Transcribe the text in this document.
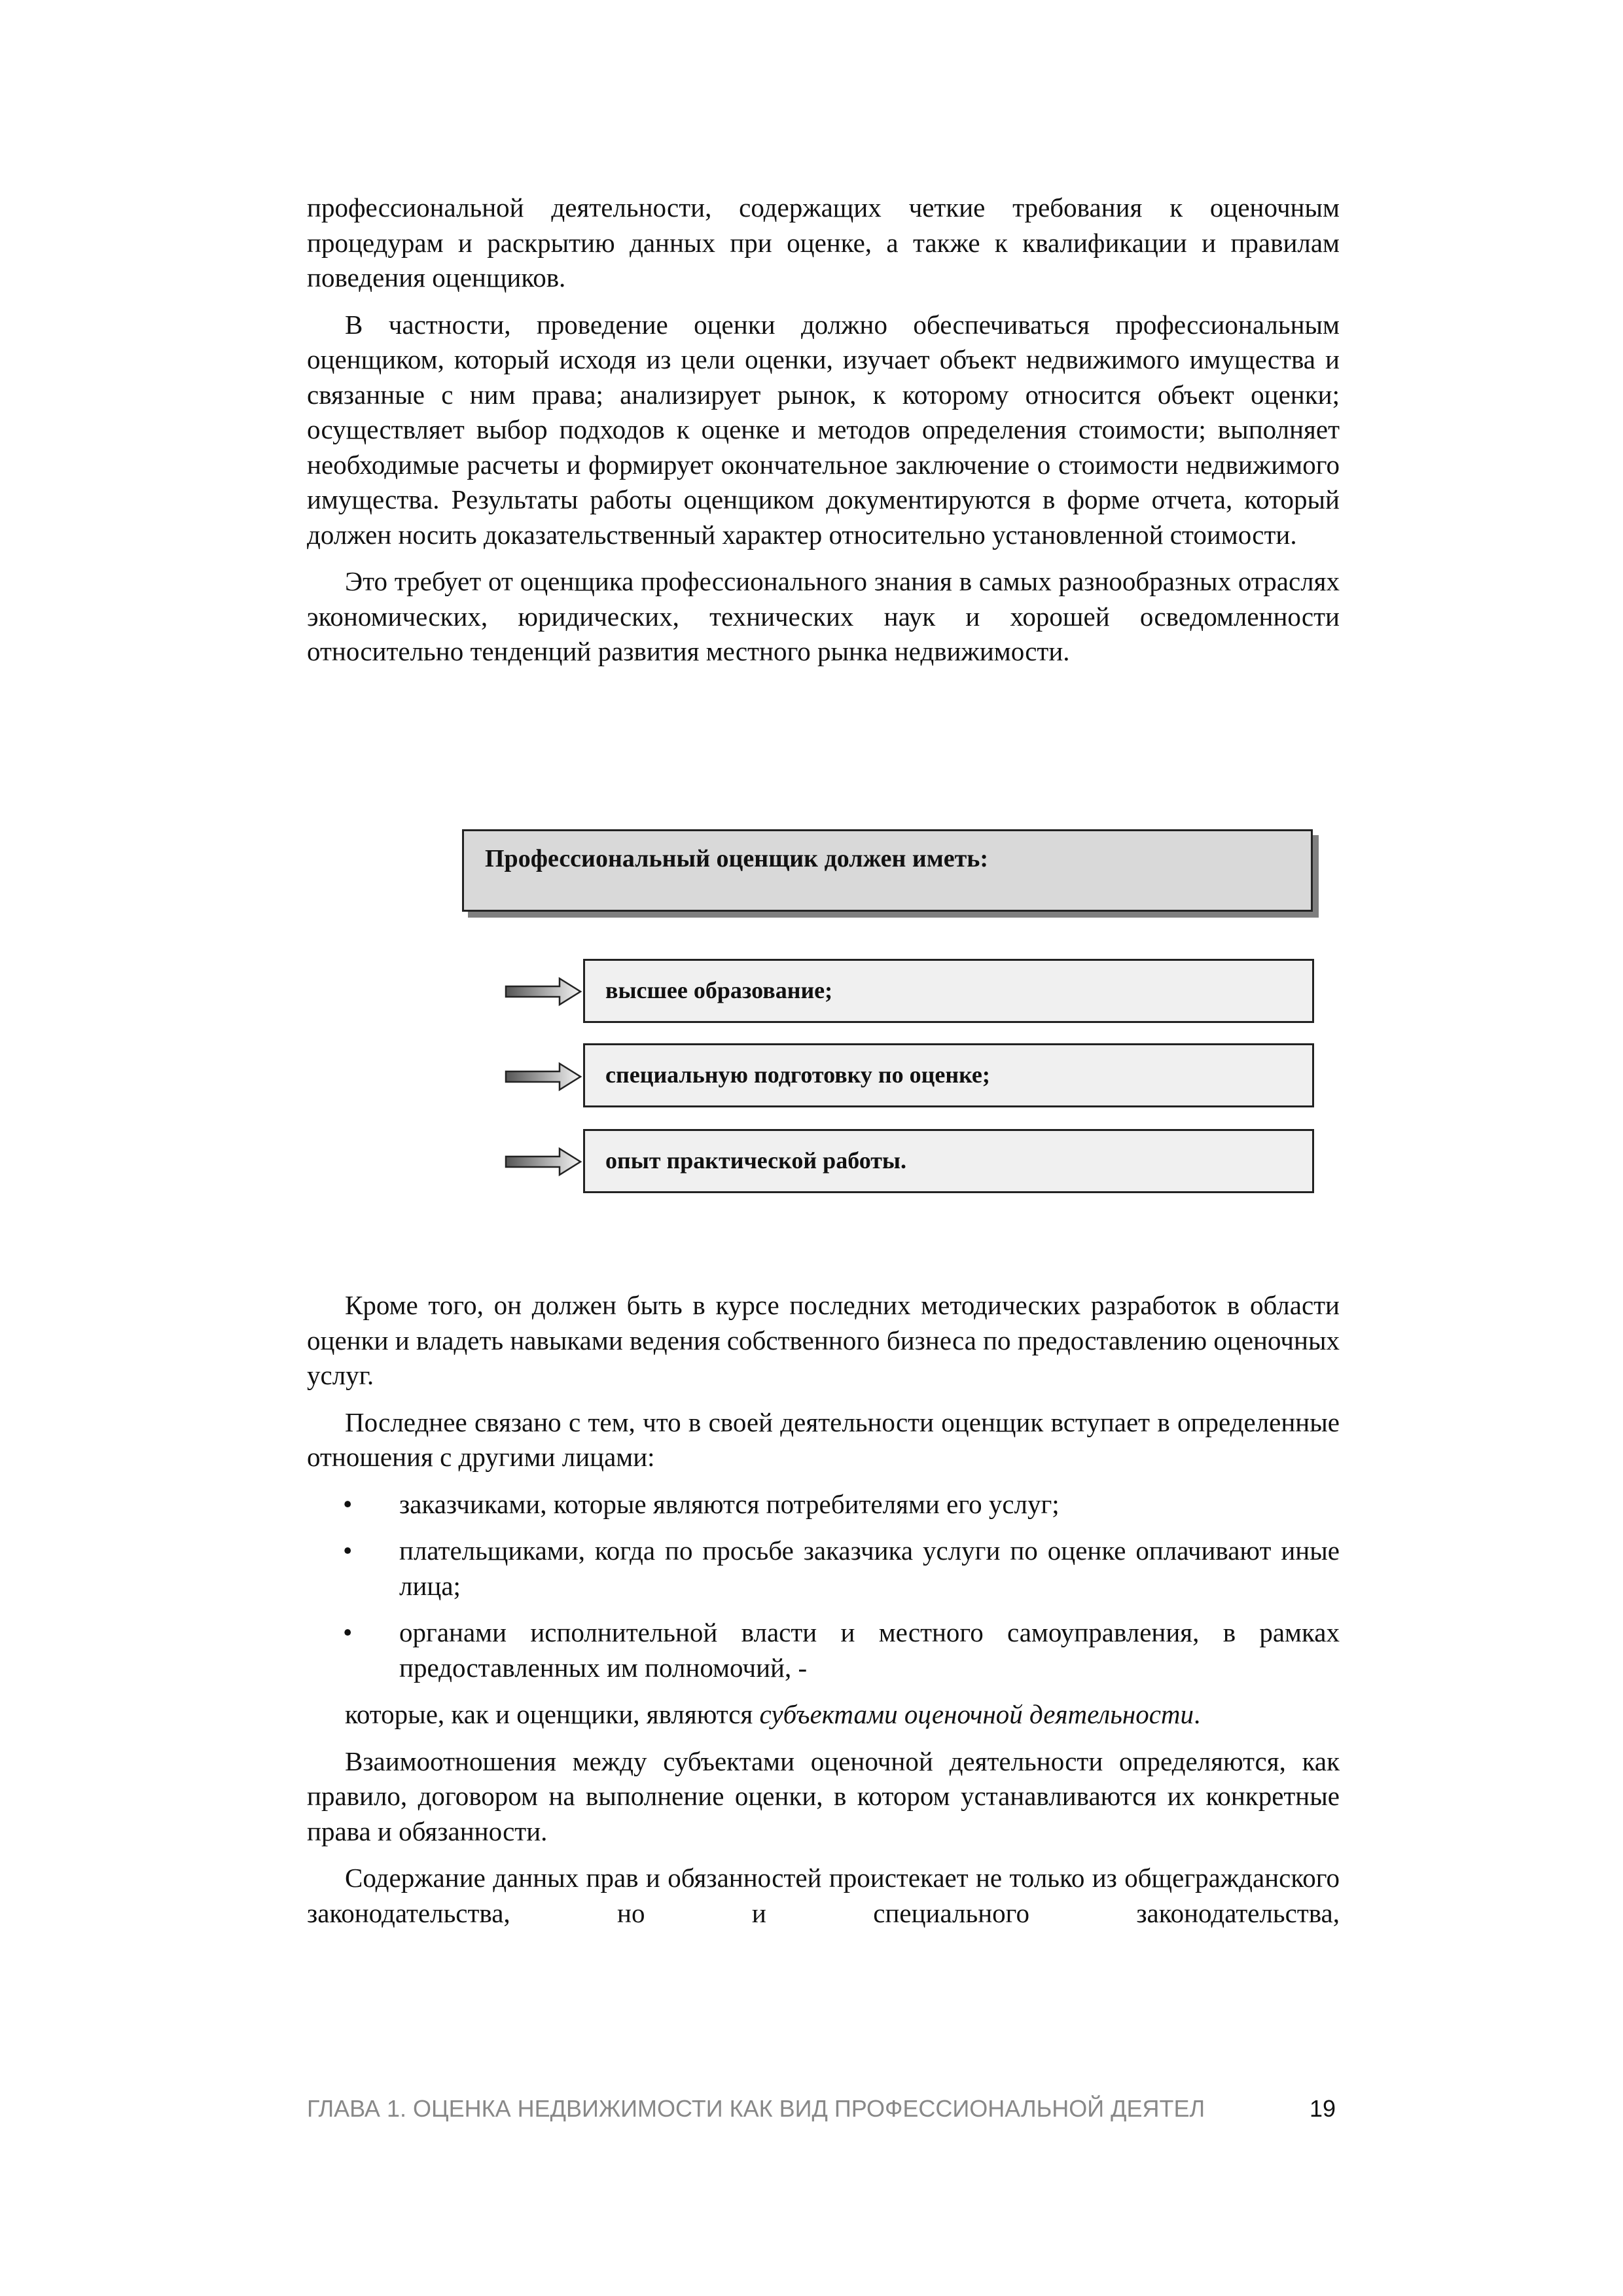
профессиональной деятельности, содержащих четкие требования к оценочным процедурам и раскрытию данных при оценке, а также к квалификации и правилам поведения оценщиков.

В частности, проведение оценки должно обеспечиваться профессиональным оценщиком, который исходя из цели оценки, изучает объект недвижимого имущества и связанные с ним права; анализирует рынок, к которому относится объект оценки; осуществляет выбор подходов к оценке и методов определения стоимости; выполняет необходимые расчеты и формирует окончательное заключение о стоимости недвижимого имущества. Результаты работы оценщиком документируются в форме отчета, который должен носить доказательственный характер относительно установленной стоимости.

Это требует от оценщика профессионального знания в самых разнообразных отраслях экономических, юридических, технических наук и хорошей осведомленности относительно тенденций развития местного рынка недвижимости.

Профессиональный оценщик должен иметь:
высшее образование;
специальную подготовку по оценке;
опыт практической работы.

Кроме того, он должен быть в курсе последних методических разработок в области оценки и владеть навыками ведения собственного бизнеса по предоставлению оценочных услуг.

Последнее связано с тем, что в своей деятельности оценщик вступает в определенные отношения с другими лицами:

• заказчиками, которые являются потребителями его услуг;
• плательщиками, когда по просьбе заказчика услуги по оценке оплачивают иные лица;
• органами исполнительной власти и местного самоуправления, в рамках предоставленных им полномочий, -

которые, как и оценщики, являются субъектами оценочной деятельности.

Взаимоотношения между субъектами оценочной деятельности определяются, как правило, договором на выполнение оценки, в котором устанавливаются их конкретные права и обязанности.

Содержание данных прав и обязанностей проистекает не только из общегражданского законодательства, но и специального законодательства,

ГЛАВА 1. ОЦЕНКА НЕДВИЖИМОСТИ КАК ВИД ПРОФЕССИОНАЛЬНОЙ ДЕЯТЕЛ	19
